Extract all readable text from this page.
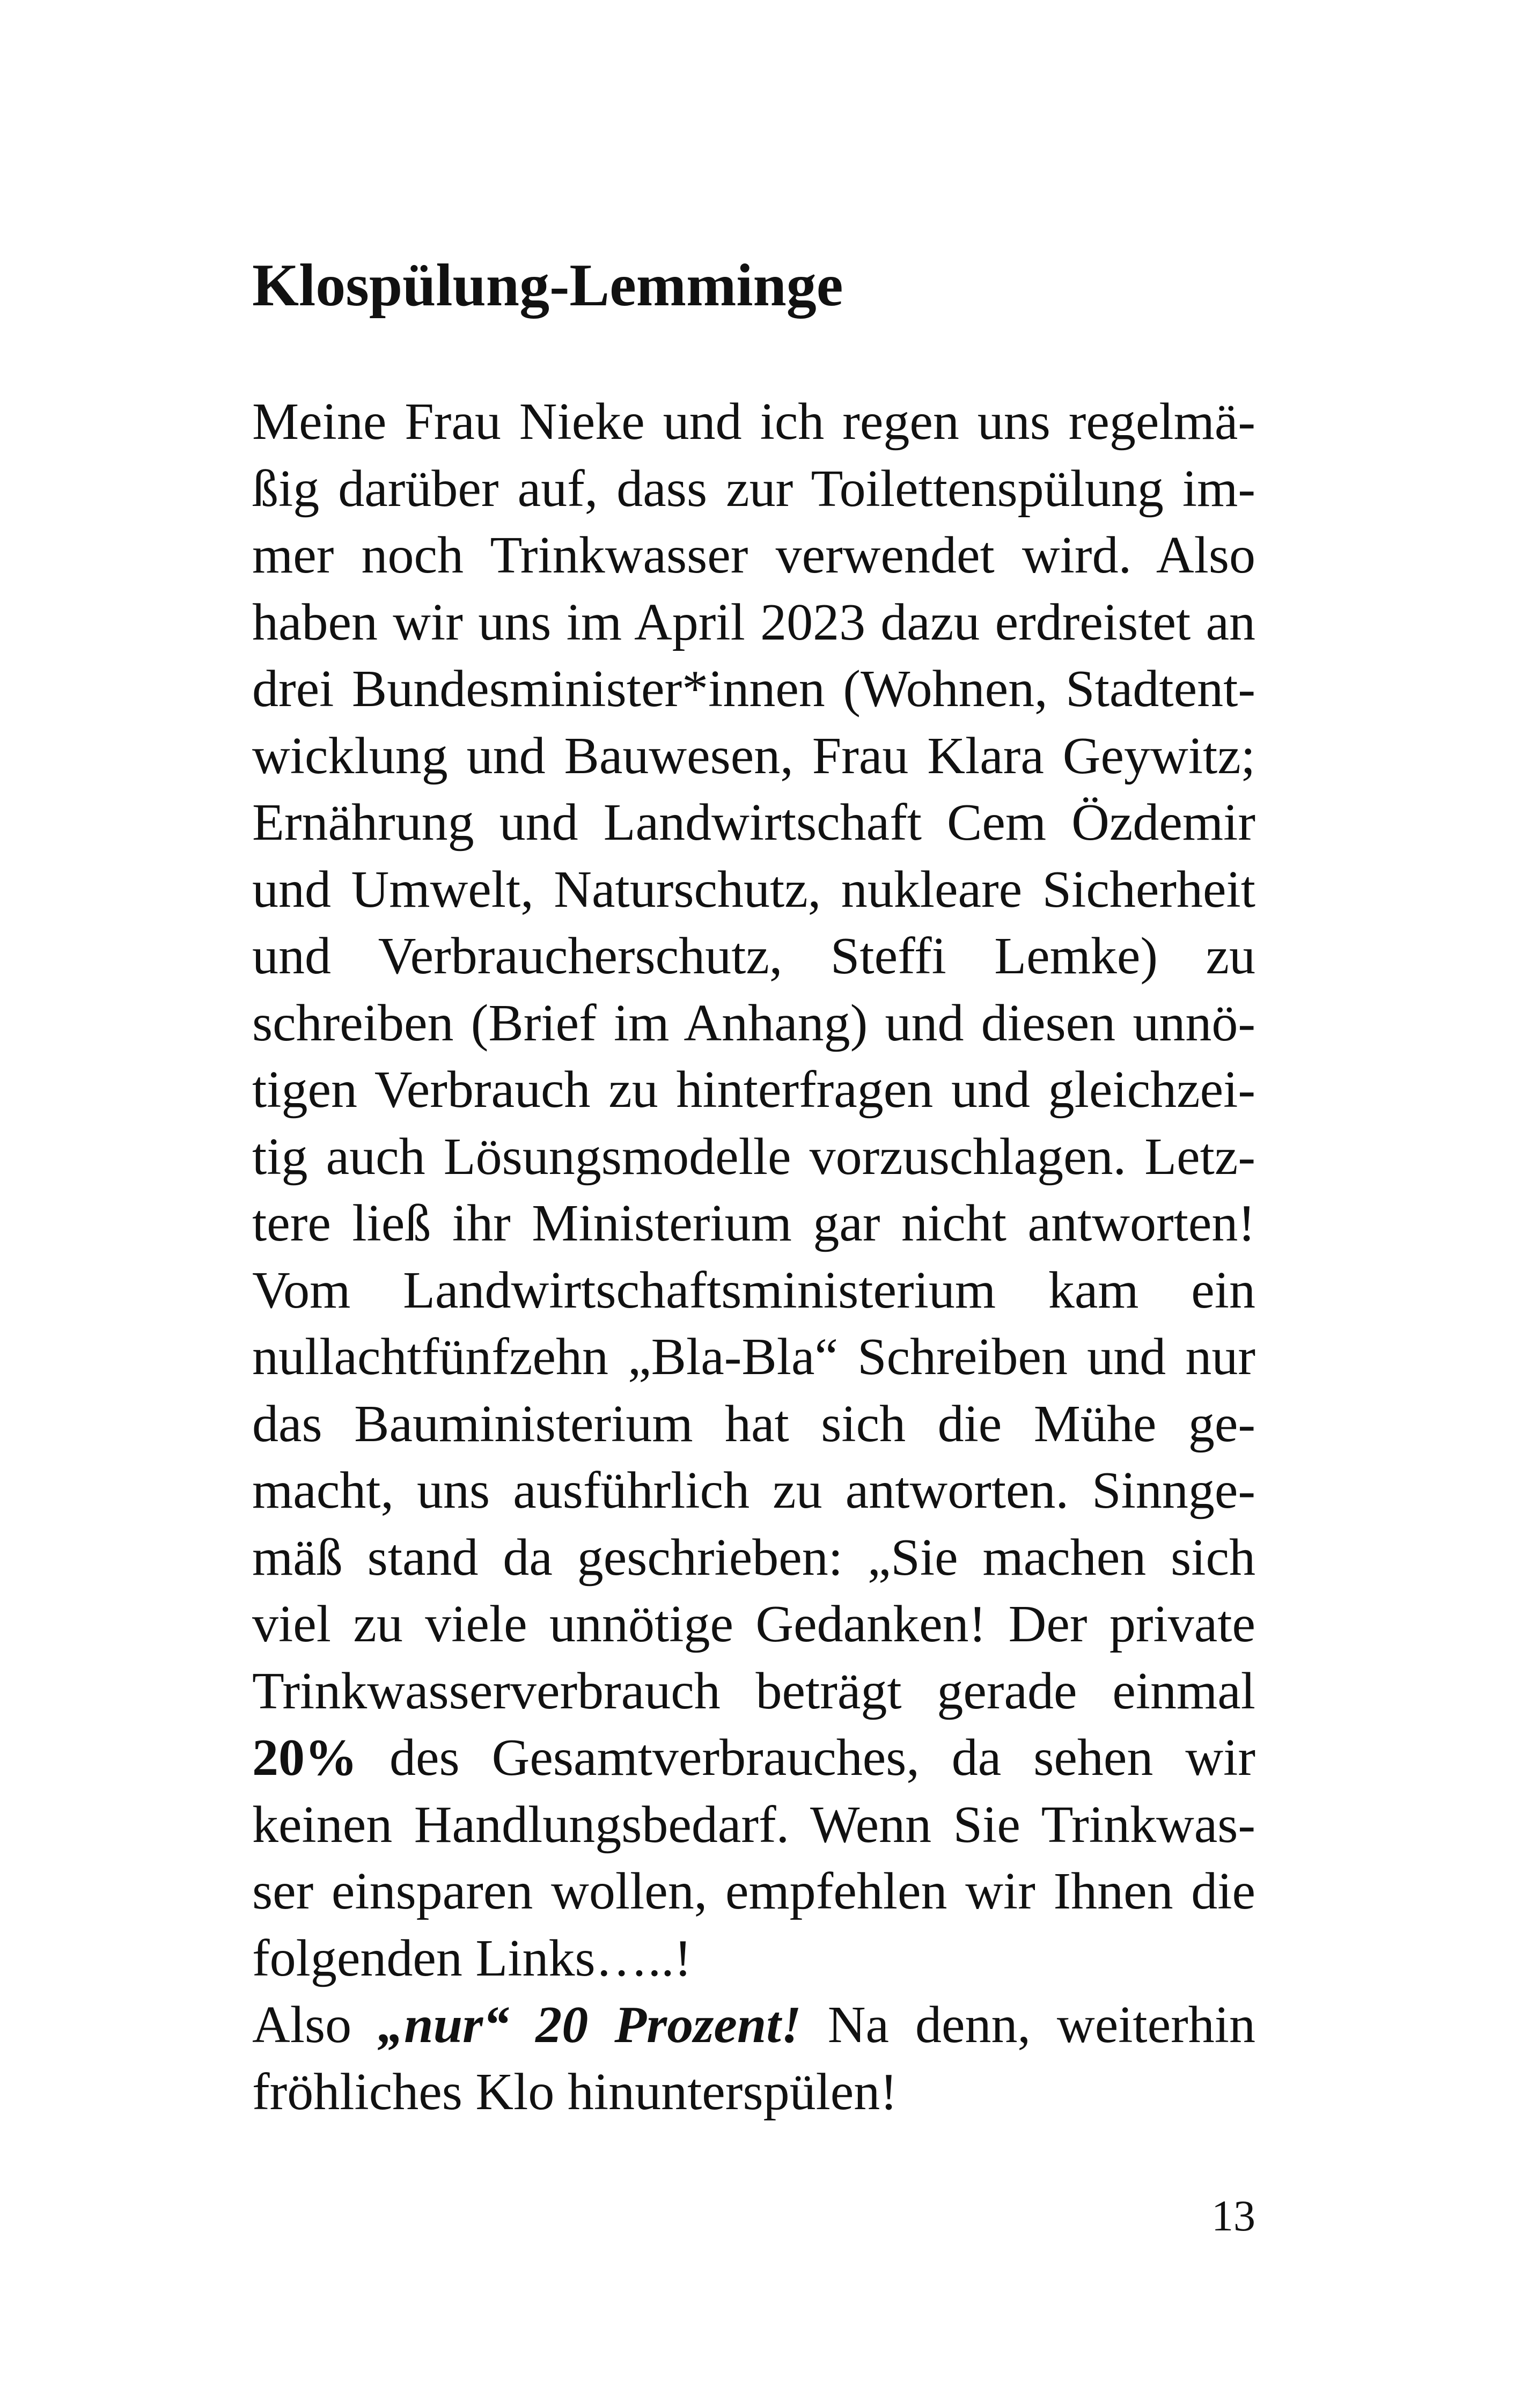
Klospülung-Lemminge
Meine Frau Nieke und ich regen uns regelmä-
ßig darüber auf, dass zur Toilettenspülung im-
mer noch Trinkwasser verwendet wird. Also
haben wir uns im April 2023 dazu erdreistet an
drei Bundesminister*innen (Wohnen, Stadtent-
wicklung und Bauwesen, Frau Klara Geywitz;
Ernährung und Landwirtschaft Cem Özdemir
und Umwelt, Naturschutz, nukleare Sicherheit
und Verbraucherschutz, Steffi Lemke) zu
schreiben (Brief im Anhang) und diesen unnö-
tigen Verbrauch zu hinterfragen und gleichzei-
tig auch Lösungsmodelle vorzuschlagen. Letz-
tere ließ ihr Ministerium gar nicht antworten!
Vom Landwirtschaftsministerium kam ein
nullachtfünfzehn „Bla-Bla“ Schreiben und nur
das Bauministerium hat sich die Mühe ge-
macht, uns ausführlich zu antworten. Sinnge-
mäß stand da geschrieben: „Sie machen sich
viel zu viele unnötige Gedanken! Der private
Trinkwasserverbrauch beträgt gerade einmal
20% des Gesamtverbrauches, da sehen wir
keinen Handlungsbedarf. Wenn Sie Trinkwas-
ser einsparen wollen, empfehlen wir Ihnen die
folgenden Links…..!
Also „nur“ 20 Prozent! Na denn, weiterhin
fröhliches Klo hinunterspülen!
13
